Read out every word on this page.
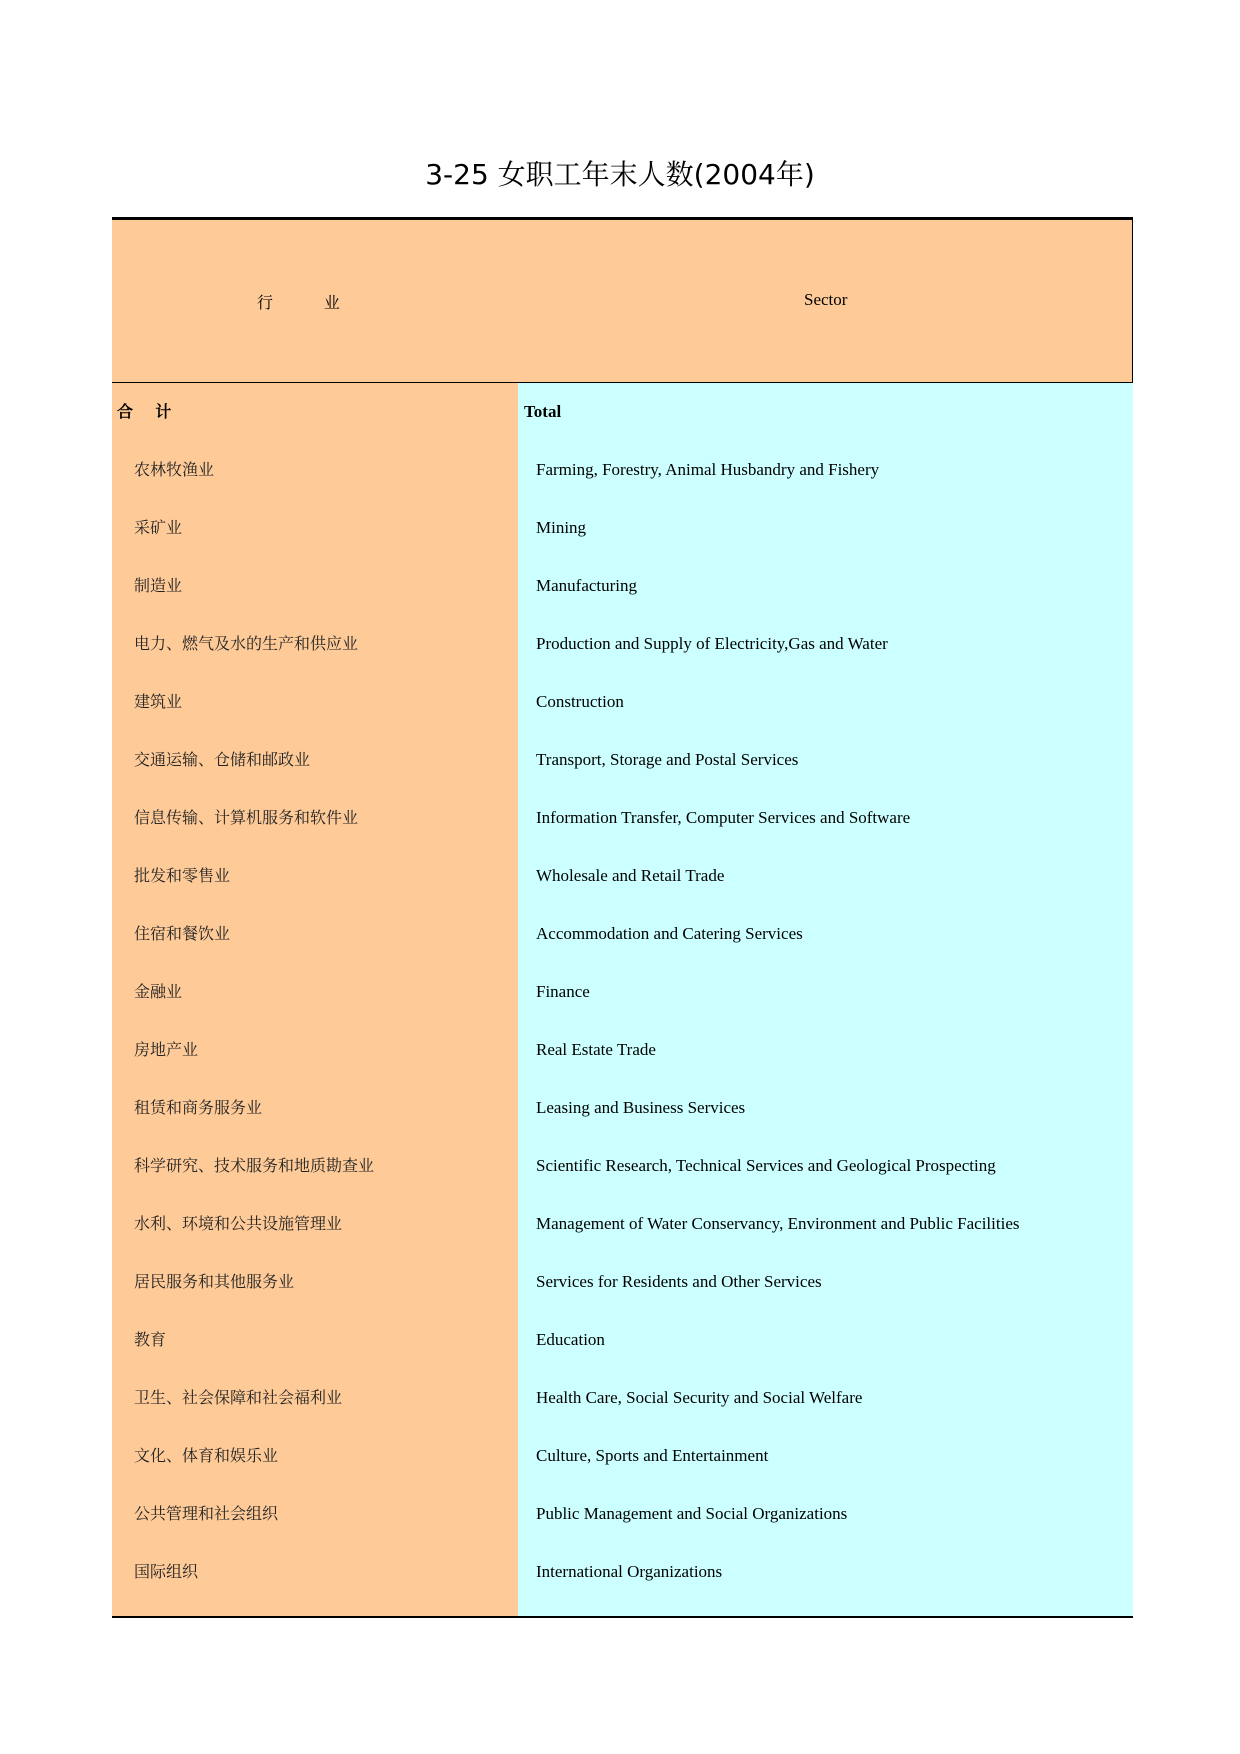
3-25 女职工年末人数(2004年)
行          业	Sector
合    计	Total
农林牧渔业	Farming, Forestry, Animal Husbandry and Fishery
采矿业	Mining
制造业	Manufacturing
电力、燃气及水的生产和供应业	Production and Supply of Electricity,Gas and Water
建筑业	Construction
交通运输、仓储和邮政业	Transport, Storage and Postal Services
信息传输、计算机服务和软件业	Information Transfer, Computer Services and Software
批发和零售业	Wholesale and Retail Trade
住宿和餐饮业	Accommodation and Catering Services
金融业	Finance
房地产业	Real Estate Trade
租赁和商务服务业	Leasing and Business Services
科学研究、技术服务和地质勘查业	Scientific Research, Technical Services and Geological Prospecting
水利、环境和公共设施管理业	Management of Water Conservancy, Environment and Public Facilities
居民服务和其他服务业	Services for Residents and Other Services
教育	Education
卫生、社会保障和社会福利业	Health Care, Social Security and Social Welfare
文化、体育和娱乐业	Culture, Sports and Entertainment
公共管理和社会组织	Public Management and Social Organizations
国际组织	International Organizations
